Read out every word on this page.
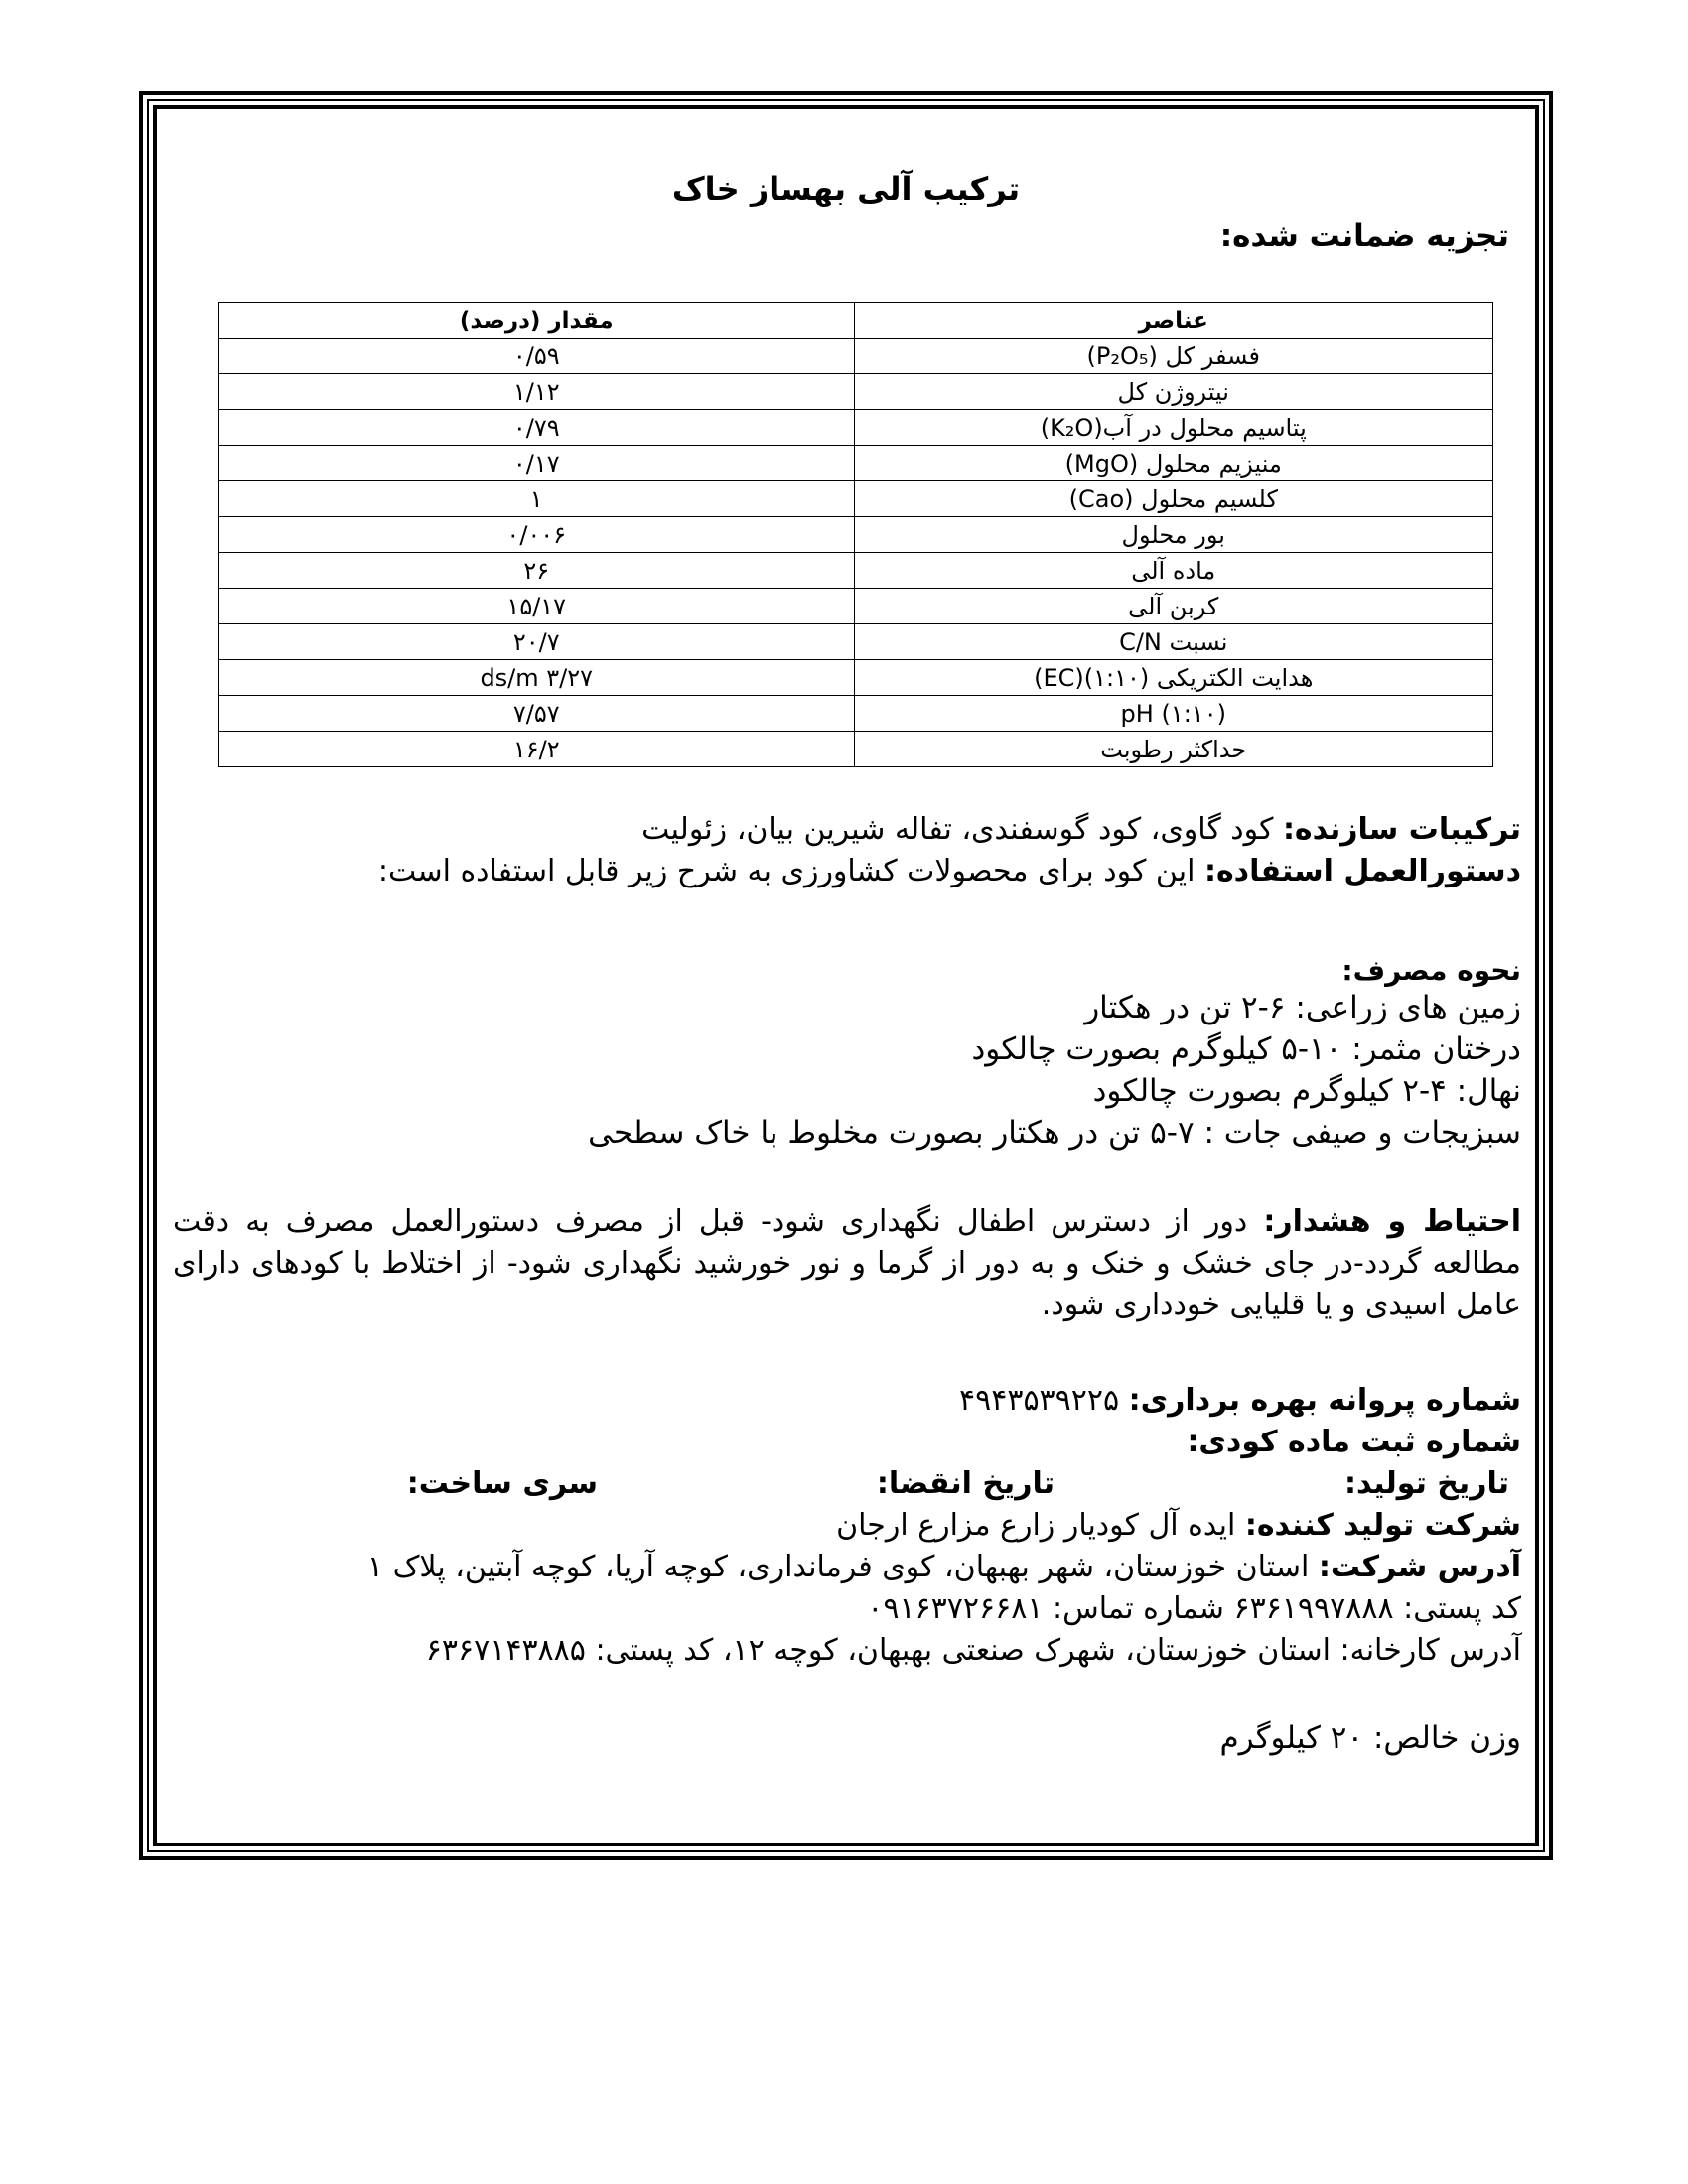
ترکیب آلی بهساز خاک
تجزیه ضمانت شده:
عناصر	مقدار (درصد)
فسفر کل (P₂O₅)	۰/۵۹
نیتروژن کل	۱/۱۲
پتاسیم محلول در آب(K₂O)	۰/۷۹
منیزیم محلول (MgO)	۰/۱۷
کلسیم محلول (Cao)	۱
بور محلول	۰/۰۰۶
ماده آلی	۲۶
کربن آلی	۱۵/۱۷
نسبت C/N	۲۰/۷
هدایت الکتریکی (۱:۱۰)(EC)	۳/۲۷ ds/m
pH (۱:۱۰)	۷/۵۷
حداکثر رطوبت	۱۶/۲
ترکیبات سازنده: کود گاوی، کود گوسفندی، تفاله شیرین بیان، زئولیت
دستورالعمل استفاده: این کود برای محصولات کشاورزی به شرح زیر قابل استفاده است:
نحوه مصرف:
زمین های زراعی: ۶-۲ تن در هکتار
درختان مثمر: ۱۰-۵ کیلوگرم بصورت چالکود
نهال: ۴-۲ کیلوگرم بصورت چالکود
سبزیجات و صیفی جات : ۷-۵ تن در هکتار بصورت مخلوط با خاک سطحی
احتیاط و هشدار: دور از دسترس اطفال نگهداری شود- قبل از مصرف دستورالعمل مصرف به دقت مطالعه گردد-در جای خشک و خنک و به دور از گرما و نور خورشید نگهداری شود- از اختلاط با کودهای دارای عامل اسیدی و یا قلیایی خودداری شود.
شماره پروانه بهره برداری: ۴۹۴۳۵۳۹۲۲۵
شماره ثبت ماده کودی:
تاریخ تولید:
تاریخ انقضا:
سری ساخت:
شرکت تولید کننده: ایده آل کودیار زارع مزارع ارجان
آدرس شرکت: استان خوزستان، شهر بهبهان، کوی فرمانداری، کوچه آریا، کوچه آبتین، پلاک ۱
کد پستی: ۶۳۶۱۹۹۷۸۸۸ شماره تماس: ۰۹۱۶۳۷۲۶۶۸۱
آدرس کارخانه: استان خوزستان، شهرک صنعتی بهبهان، کوچه ۱۲، کد پستی: ۶۳۶۷۱۴۳۸۸۵
وزن خالص: ۲۰ کیلوگرم
